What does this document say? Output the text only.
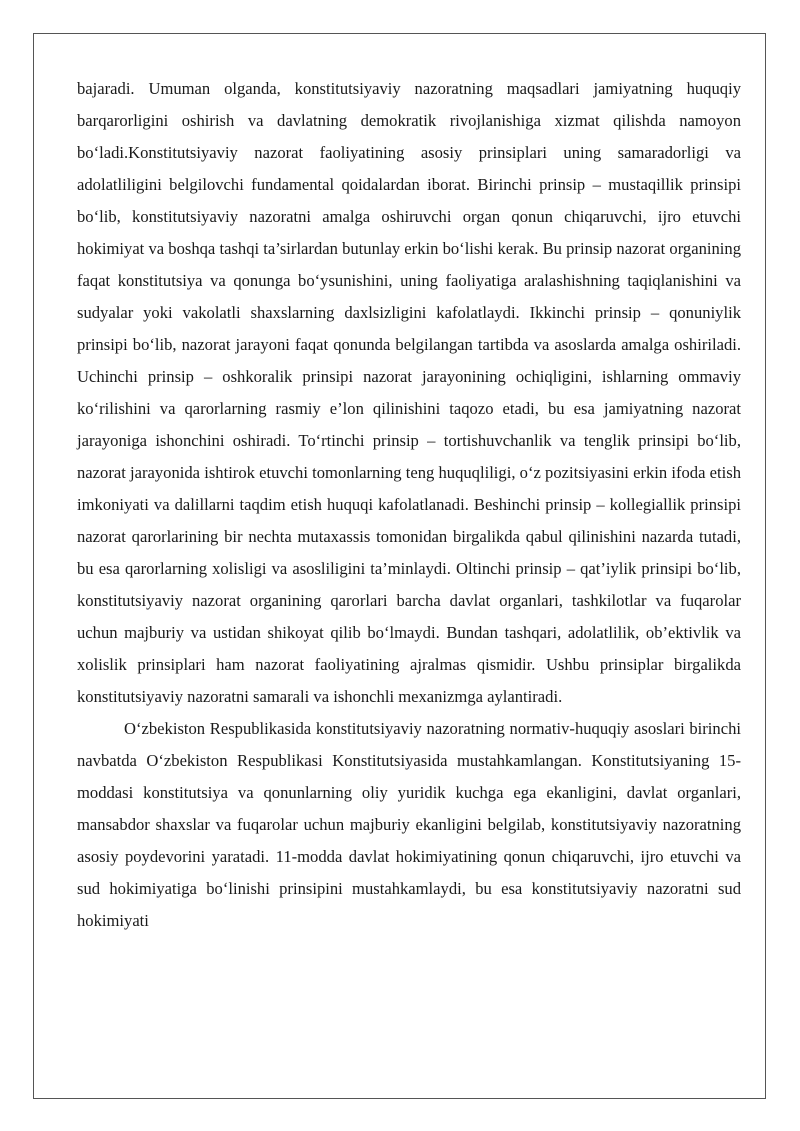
bajaradi. Umuman olganda, konstitutsiyaviy nazoratning maqsadlari jamiyatning huquqiy barqarorligini oshirish va davlatning demokratik rivojlanishiga xizmat qilishda namoyon bo‘ladi.Konstitutsiyaviy nazorat faoliyatining asosiy prinsiplari uning samaradorligi va adolatliligini belgilovchi fundamental qoidalardan iborat. Birinchi prinsip – mustaqillik prinsipi bo‘lib, konstitutsiyaviy nazoratni amalga oshiruvchi organ qonun chiqaruvchi, ijro etuvchi hokimiyat va boshqa tashqi ta’sirlardan butunlay erkin bo‘lishi kerak. Bu prinsip nazorat organining faqat konstitutsiya va qonunga bo‘ysunishini, uning faoliyatiga aralashishning taqiqlanishini va sudyalar yoki vakolatli shaxslarning daxlsizligini kafolatlaydi. Ikkinchi prinsip – qonuniylik prinsipi bo‘lib, nazorat jarayoni faqat qonunda belgilangan tartibda va asoslarda amalga oshiriladi. Uchinchi prinsip – oshkoralik prinsipi nazorat jarayonining ochiqligini, ishlarning ommaviy ko‘rilishini va qarorlarning rasmiy e’lon qilinishini taqozo etadi, bu esa jamiyatning nazorat jarayoniga ishonchini oshiradi. To‘rtinchi prinsip – tortishuvchanlik va tenglik prinsipi bo‘lib, nazorat jarayonida ishtirok etuvchi tomonlarning teng huquqliligi, o‘z pozitsiyasini erkin ifoda etish imkoniyati va dalillarni taqdim etish huquqi kafolatlanadi. Beshinchi prinsip – kollegiallik prinsipi nazorat qarorlarining bir nechta mutaxassis tomonidan birgalikda qabul qilinishini nazarda tutadi, bu esa qarorlarning xolisligi va asosliligini ta’minlaydi. Oltinchi prinsip – qat’iylik prinsipi bo‘lib, konstitutsiyaviy nazorat organining qarorlari barcha davlat organlari, tashkilotlar va fuqarolar uchun majburiy va ustidan shikoyat qilib bo‘lmaydi. Bundan tashqari, adolatlilik, ob’ektivlik va xolislik prinsiplari ham nazorat faoliyatining ajralmas qismidir. Ushbu prinsiplar birgalikda konstitutsiyaviy nazoratni samarali va ishonchli mexanizmga aylantiradi.

O‘zbekiston Respublikasida konstitutsiyaviy nazoratning normativ-huquqiy asoslari birinchi navbatda O‘zbekiston Respublikasi Konstitutsiyasida mustahkamlangan. Konstitutsiyaning 15-moddasi konstitutsiya va qonunlarning oliy yuridik kuchga ega ekanligini, davlat organlari, mansabdor shaxslar va fuqarolar uchun majburiy ekanligini belgilab, konstitutsiyaviy nazoratning asosiy poydevorini yaratadi. 11-modda davlat hokimiyatining qonun chiqaruvchi, ijro etuvchi va sud hokimiyatiga bo‘linishi prinsipini mustahkamlaydi, bu esa konstitutsiyaviy nazoratni sud hokimiyati
